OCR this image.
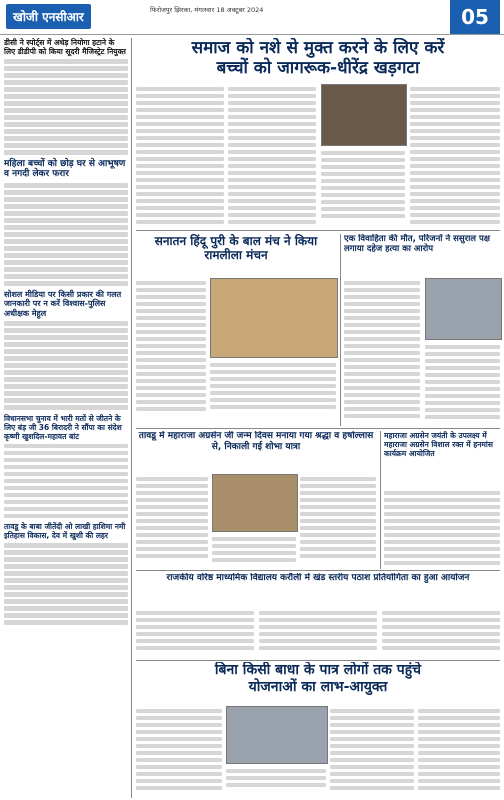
खोजी एनसीआर	फिरोजपुर झिरका, मंगलवार 18 अक्टूबर 2024	05
डीसी ने स्पोर्ट्स में अधेड़ नियोगा हटाने के लिए डीडीपी को किया सूदरी मैजिस्ट्रेट नियुक्त
महिला बच्चों को छोड़ घर से आभूषण व नगदी लेकर फरार
सोशल मीडिया पर किसी प्रकार की गलत जानकारी पर न करें विश्वास-पुलिस अधीक्षक मेहुल
विधानसभा चुनाव में भारी मतों से जीतने के लिए बंड़ जी 36 बिरादरी ने सौंपा का संदेश कृष्णी खुशदिल-महावत बांट
तावडू के बाबा जीतेंदी ओ लाखी हाशिमा नमी इतिहास विकास, देव में खुशी की लहर
समाज को नशे से मुक्त करने के लिए करें
बच्चों को जागरूक-धीरेंद्र खड़गटा
सनातन हिंदू पुरी के बाल मंच ने किया रामलीला मंचन
एक विवाहिता की मौत, परिजनों ने ससुराल पक्ष लगाया दहेज हत्या का आरोप
तावडू में महाराजा अग्रसेन जी जन्म दिवस मनाया गया श्रद्धा व हर्षोल्लास से, निकाली गई शोभा यात्रा
महाराजा अग्रसेन जयंती के उपलक्ष्य में महाराजा अग्रसेन विशाल रक्त में हनमांस कार्यक्रम आयोजित
राजकीय वरिष्ठ माध्यमिक विद्यालय करौली में खंड स्तरीय पठाश प्रतियोगिता का हुआ आयोजन
बिना किसी बाधा के पात्र लोगों तक पहुंचे
योजनाओं का लाभ-आयुक्त
